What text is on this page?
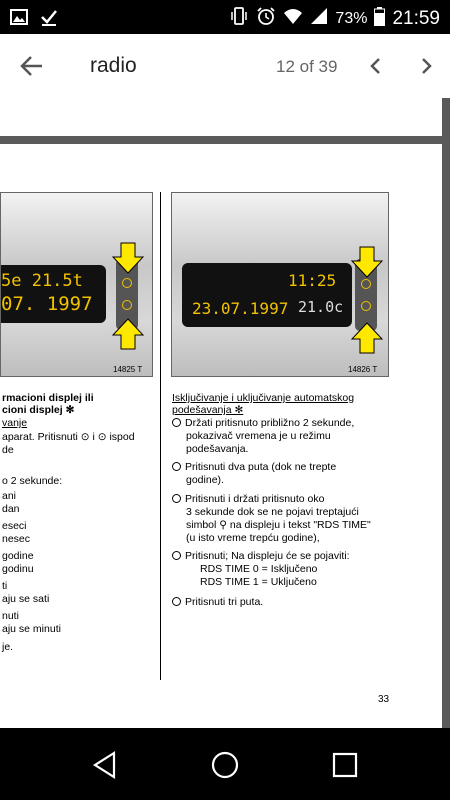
73% 21:59
radio	12 of 39
5e 21.5t
07. 1997
14825 T
11:25
23.07.1997 21.0c
14826 T
rmacioni displej ili
cioni displej ✻
vanje
aparat. Pritisnuti ⊙ i ⊙ ispod
de
o 2 sekunde:
ani
dan
eseci
nesec
godine
godinu
ti
aju se sati
nuti
aju se minuti
je.
Isključivanje i uključivanje automatskog
podešavanja ✻
Držati pritisnuto približno 2 sekunde,
pokazivač vremena je u režimu
podešavanja.
Pritisnuti dva puta (dok ne trepte
godine).
Pritisnuti i držati pritisnuto oko
3 sekunde dok se ne pojavi treptajući
simbol ⚲ na displeju i tekst "RDS TIME"
(u isto vreme trepću godine),
Pritisnuti; Na displeju će se pojaviti:
RDS TIME 0 = Isključeno
RDS TIME 1 = Uključeno
Pritisnuti tri puta.
33
